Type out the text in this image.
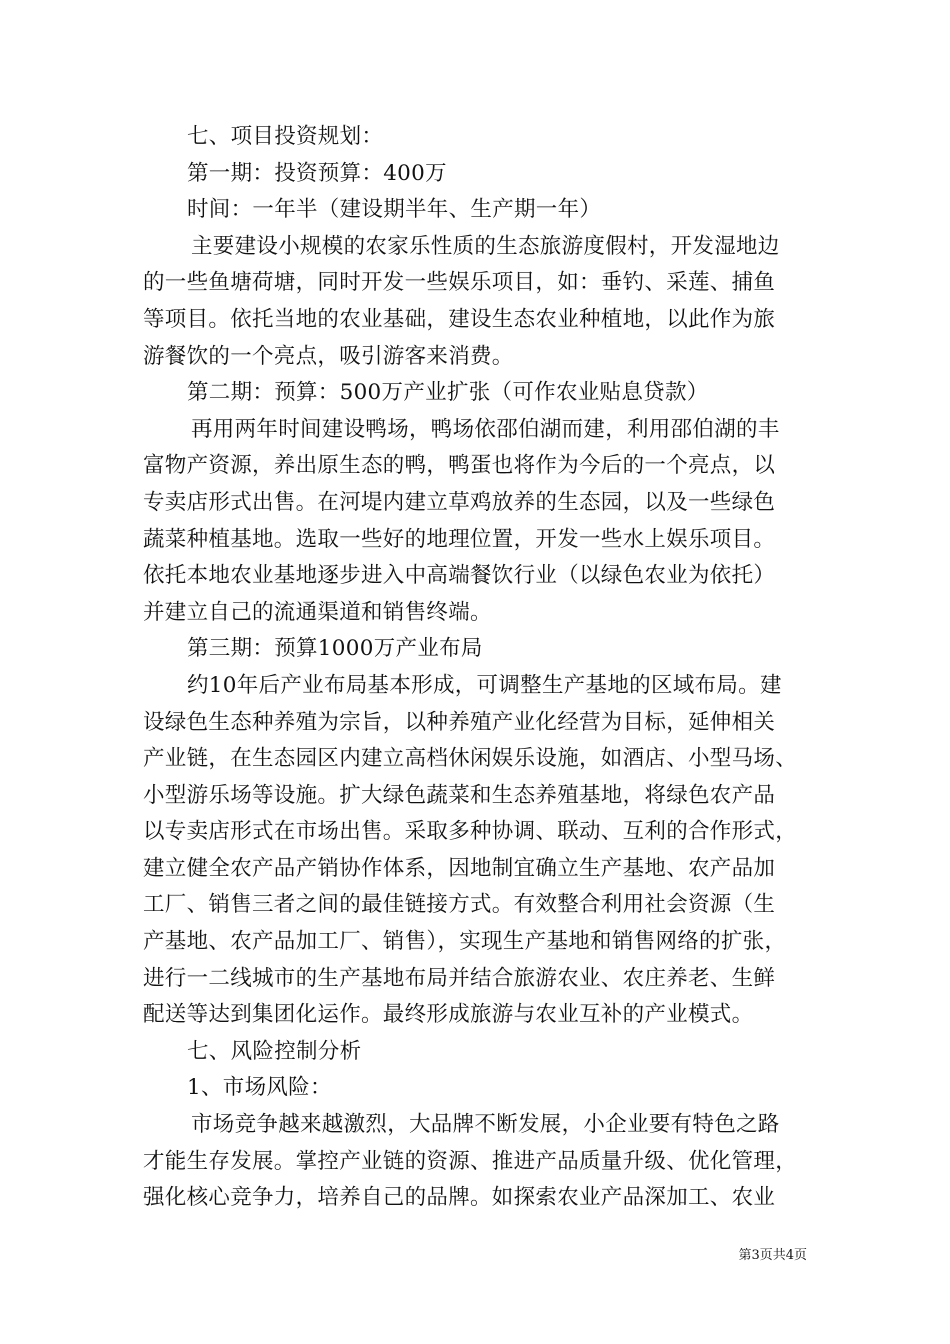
七、项目投资规划：
第一期：投资预算：400万
时间：一年半（建设期半年、生产期一年）
主要建设小规模的农家乐性质的生态旅游度假村，开发湿地边
的一些鱼塘荷塘，同时开发一些娱乐项目，如：垂钓、采莲、捕鱼
等项目。依托当地的农业基础，建设生态农业种植地，以此作为旅
游餐饮的一个亮点，吸引游客来消费。
第二期：预算：500万产业扩张（可作农业贴息贷款）
再用两年时间建设鸭场，鸭场依邵伯湖而建，利用邵伯湖的丰
富物产资源，养出原生态的鸭，鸭蛋也将作为今后的一个亮点，以
专卖店形式出售。在河堤内建立草鸡放养的生态园，以及一些绿色
蔬菜种植基地。选取一些好的地理位置，开发一些水上娱乐项目。
依托本地农业基地逐步进入中高端餐饮行业（以绿色农业为依托）
并建立自己的流通渠道和销售终端。
第三期：预算1000万产业布局
约10年后产业布局基本形成，可调整生产基地的区域布局。建
设绿色生态种养殖为宗旨，以种养殖产业化经营为目标，延伸相关
产业链，在生态园区内建立高档休闲娱乐设施，如酒店、小型马场、
小型游乐场等设施。扩大绿色蔬菜和生态养殖基地，将绿色农产品
以专卖店形式在市场出售。采取多种协调、联动、互利的合作形式，
建立健全农产品产销协作体系，因地制宜确立生产基地、农产品加
工厂、销售三者之间的最佳链接方式。有效整合利用社会资源（生
产基地、农产品加工厂、销售），实现生产基地和销售网络的扩张，
进行一二线城市的生产基地布局并结合旅游农业、农庄养老、生鲜
配送等达到集团化运作。最终形成旅游与农业互补的产业模式。
七、风险控制分析
1、市场风险：
市场竞争越来越激烈，大品牌不断发展，小企业要有特色之路
才能生存发展。掌控产业链的资源、推进产品质量升级、优化管理，
强化核心竞争力，培养自己的品牌。如探索农业产品深加工、农业
第3页共4页
